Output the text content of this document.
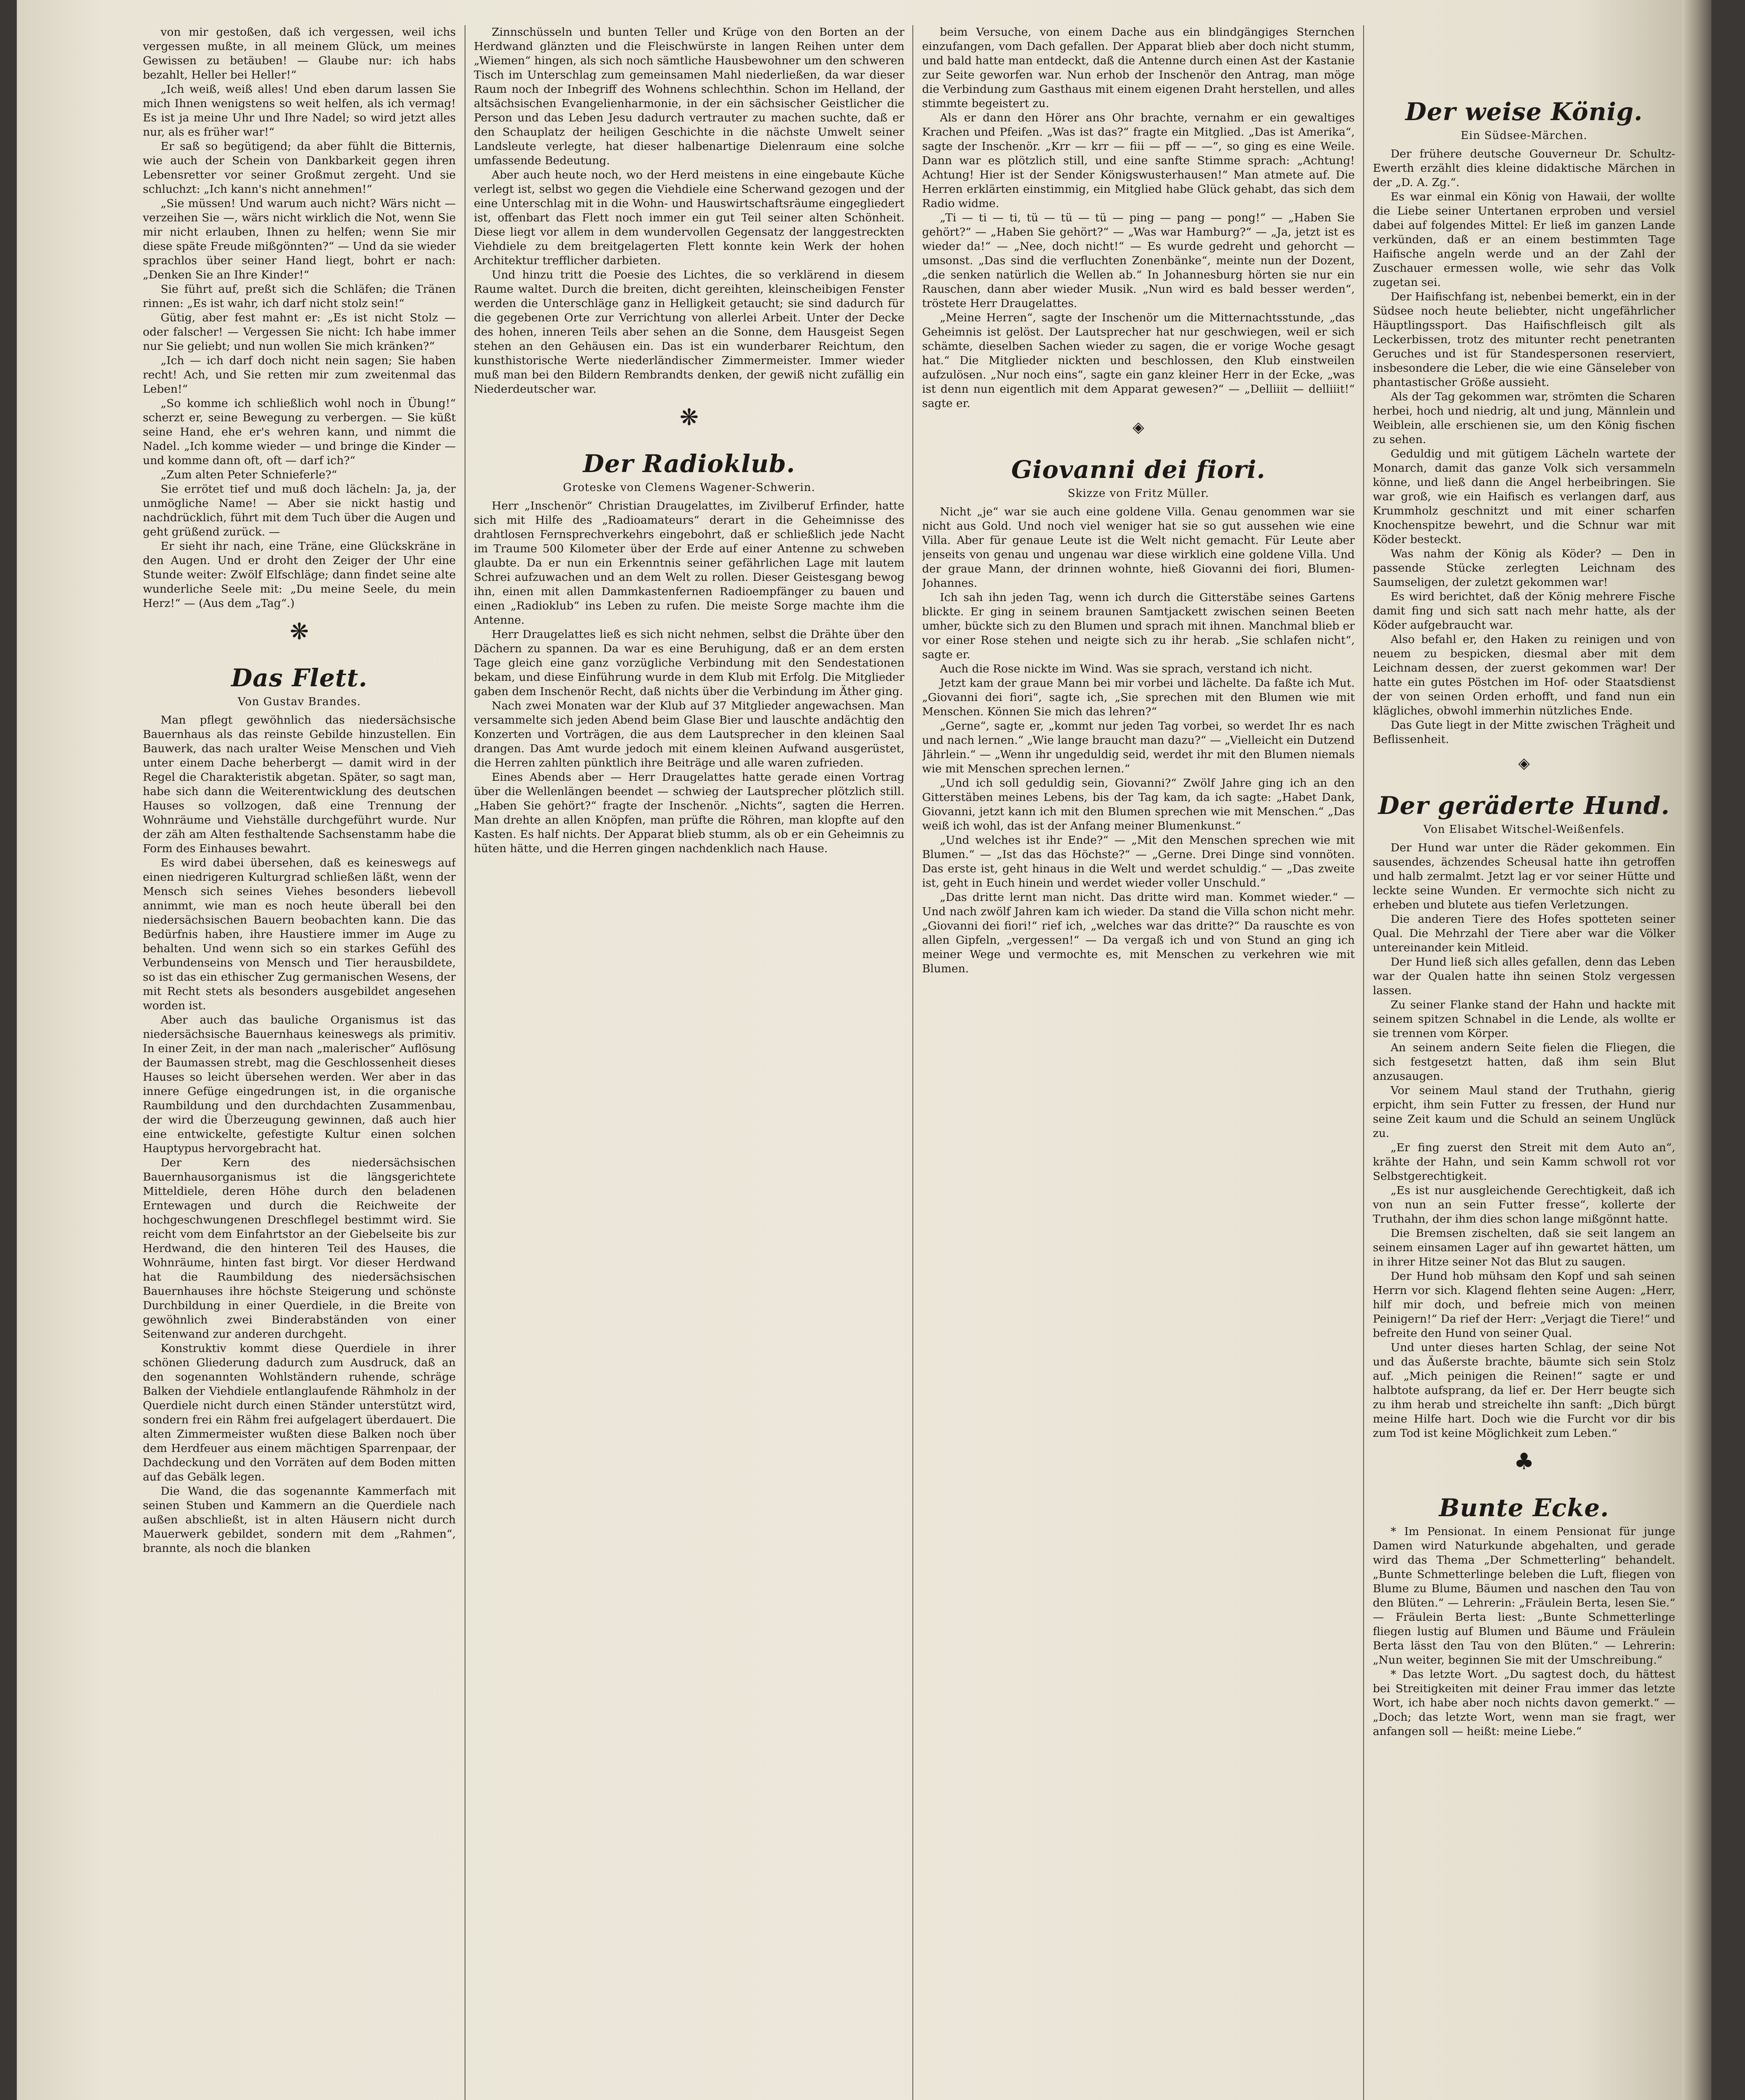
von mir gestoßen, daß ich vergessen, weil ichs vergessen mußte, in all meinem Glück, um meines Gewissen zu betäuben! — Glaube nur: ich habs bezahlt, Heller bei Heller!“

„Ich weiß, weiß alles! Und eben darum lassen Sie mich Ihnen wenigstens so weit helfen, als ich vermag! Es ist ja meine Uhr und Ihre Nadel; so wird jetzt alles nur, als es früher war!“

Er saß so begütigend; da aber fühlt die Bitternis, wie auch der Schein von Dankbarkeit gegen ihren Lebensretter vor seiner Großmut zergeht. Und sie schluchzt: „Ich kann's nicht annehmen!“

„Sie müssen! Und warum auch nicht? Wärs nicht — verzeihen Sie —, wärs nicht wirklich die Not, wenn Sie mir nicht erlauben, Ihnen zu helfen; wenn Sie mir diese späte Freude mißgönnten?“ — Und da sie wieder sprachlos über seiner Hand liegt, bohrt er nach: „Denken Sie an Ihre Kinder!“

Sie führt auf, preßt sich die Schläfen; die Tränen rinnen: „Es ist wahr, ich darf nicht stolz sein!“

Gütig, aber fest mahnt er: „Es ist nicht Stolz — oder falscher! — Vergessen Sie nicht: Ich habe immer nur Sie geliebt; und nun wollen Sie mich kränken?“

„Ich — ich darf doch nicht nein sagen; Sie haben recht! Ach, und Sie retten mir zum zweitenmal das Leben!“

„So komme ich schließlich wohl noch in Übung!“ scherzt er, seine Bewegung zu verbergen. — Sie küßt seine Hand, ehe er's wehren kann, und nimmt die Nadel. „Ich komme wieder — und bringe die Kinder — und komme dann oft, oft — darf ich?“

„Zum alten Peter Schnieferle?“

Sie errötet tief und muß doch lächeln: Ja, ja, der unmögliche Name! — Aber sie nickt hastig und nachdrücklich, führt mit dem Tuch über die Augen und geht grüßend zurück. —

Er sieht ihr nach, eine Träne, eine Glückskräne in den Augen. Und er droht den Zeiger der Uhr eine Stunde weiter: Zwölf Elfschläge; dann findet seine alte wunderliche Seele mit: „Du meine Seele, du mein Herz!“ — (Aus dem „Tag“.)

❋
Das Flett.
Von Gustav Brandes.

Man pflegt gewöhnlich das niedersächsische Bauernhaus als das reinste Gebilde hinzustellen. Ein Bauwerk, das nach uralter Weise Menschen und Vieh unter einem Dache beherbergt — damit wird in der Regel die Charakteristik abgetan. Später, so sagt man, habe sich dann die Weiterentwicklung des deutschen Hauses so vollzogen, daß eine Trennung der Wohnräume und Viehställe durchgeführt wurde. Nur der zäh am Alten festhaltende Sachsenstamm habe die Form des Einhauses bewahrt.

Es wird dabei übersehen, daß es keineswegs auf einen niedrigeren Kulturgrad schließen läßt, wenn der Mensch sich seines Viehes besonders liebevoll annimmt, wie man es noch heute überall bei den niedersächsischen Bauern beobachten kann. Die das Bedürfnis haben, ihre Haustiere immer im Auge zu behalten. Und wenn sich so ein starkes Gefühl des Verbundenseins von Mensch und Tier herausbildete, so ist das ein ethischer Zug germanischen Wesens, der mit Recht stets als besonders ausgebildet angesehen worden ist.

Aber auch das bauliche Organismus ist das niedersächsische Bauernhaus keineswegs als primitiv. In einer Zeit, in der man nach „malerischer“ Auflösung der Baumassen strebt, mag die Geschlossenheit dieses Hauses so leicht übersehen werden. Wer aber in das innere Gefüge eingedrungen ist, in die organische Raumbildung und den durchdachten Zusammenbau, der wird die Überzeugung gewinnen, daß auch hier eine entwickelte, gefestigte Kultur einen solchen Hauptypus hervorgebracht hat.

Der Kern des niedersächsischen Bauernhausorganismus ist die längsgerichtete Mitteldiele, deren Höhe durch den beladenen Erntewagen und durch die Reichweite der hochgeschwungenen Dreschflegel bestimmt wird. Sie reicht vom dem Einfahrtstor an der Giebelseite bis zur Herdwand, die den hinteren Teil des Hauses, die Wohnräume, hinten fast birgt. Vor dieser Herdwand hat die Raumbildung des niedersächsischen Bauernhauses ihre höchste Steigerung und schönste Durchbildung in einer Querdiele, in die Breite von gewöhnlich zwei Binderabständen von einer Seitenwand zur anderen durchgeht.

Konstruktiv kommt diese Querdiele in ihrer schönen Gliederung dadurch zum Ausdruck, daß an den sogenannten Wohlständern ruhende, schräge Balken der Viehdiele entlanglaufende Rähmholz in der Querdiele nicht durch einen Ständer unterstützt wird, sondern frei ein Rähm frei aufgelagert überdauert. Die alten Zimmermeister wußten diese Balken noch über dem Herdfeuer aus einem mächtigen Sparrenpaar, der Dachdeckung und den Vorräten auf dem Boden mitten auf das Gebälk legen.

Die Wand, die das sogenannte Kammerfach mit seinen Stuben und Kammern an die Querdiele nach außen abschließt, ist in alten Häusern nicht durch Mauerwerk gebildet, sondern mit dem „Rahmen“, brannte, als noch die blanken

Zinnschüsseln und bunten Teller und Krüge von den Borten an der Herdwand glänzten und die Fleischwürste in langen Reihen unter dem „Wiemen“ hingen, als sich noch sämtliche Hausbewohner um den schweren Tisch im Unterschlag zum gemeinsamen Mahl niederließen, da war dieser Raum noch der Inbegriff des Wohnens schlechthin. Schon im Helland, der altsächsischen Evangelienharmonie, in der ein sächsischer Geistlicher die Person und das Leben Jesu dadurch vertrauter zu machen suchte, daß er den Schauplatz der heiligen Geschichte in die nächste Umwelt seiner Landsleute verlegte, hat dieser halbenartige Dielenraum eine solche umfassende Bedeutung.

Aber auch heute noch, wo der Herd meistens in eine eingebaute Küche verlegt ist, selbst wo gegen die Viehdiele eine Scherwand gezogen und der eine Unterschlag mit in die Wohn- und Hauswirtschaftsräume eingegliedert ist, offenbart das Flett noch immer ein gut Teil seiner alten Schönheit. Diese liegt vor allem in dem wundervollen Gegensatz der langgestreckten Viehdiele zu dem breitgelagerten Flett konnte kein Werk der hohen Architektur trefflicher darbieten.

Und hinzu tritt die Poesie des Lichtes, die so verklärend in diesem Raume waltet. Durch die breiten, dicht gereihten, kleinscheibigen Fenster werden die Unterschläge ganz in Helligkeit getaucht; sie sind dadurch für die gegebenen Orte zur Verrichtung von allerlei Arbeit. Unter der Decke des hohen, inneren Teils aber sehen an die Sonne, dem Hausgeist Segen stehen an den Gehäusen ein. Das ist ein wunderbarer Reichtum, den kunsthistorische Werte niederländischer Zimmermeister. Immer wieder muß man bei den Bildern Rembrandts denken, der gewiß nicht zufällig ein Niederdeutscher war.

❋
Der Radioklub.
Groteske von Clemens Wagener-Schwerin.

Herr „Inschenör“ Christian Draugelattes, im Zivilberuf Erfinder, hatte sich mit Hilfe des „Radioamateurs“ derart in die Geheimnisse des drahtlosen Fernsprechverkehrs eingebohrt, daß er schließlich jede Nacht im Traume 500 Kilometer über der Erde auf einer Antenne zu schweben glaubte. Da er nun ein Erkenntnis seiner gefährlichen Lage mit lautem Schrei aufzuwachen und an dem Welt zu rollen. Dieser Geistesgang bewog ihn, einen mit allen Dammkastenfernen Radioempfänger zu bauen und einen „Radioklub“ ins Leben zu rufen. Die meiste Sorge machte ihm die Antenne.

Herr Draugelattes ließ es sich nicht nehmen, selbst die Drähte über den Dächern zu spannen. Da war es eine Beruhigung, daß er an dem ersten Tage gleich eine ganz vorzügliche Verbindung mit den Sendestationen bekam, und diese Einführung wurde in dem Klub mit Erfolg. Die Mitglieder gaben dem Inschenör Recht, daß nichts über die Verbindung im Äther ging.

Nach zwei Monaten war der Klub auf 37 Mitglieder angewachsen. Man versammelte sich jeden Abend beim Glase Bier und lauschte andächtig den Konzerten und Vorträgen, die aus dem Lautsprecher in den kleinen Saal drangen. Das Amt wurde jedoch mit einem kleinen Aufwand ausgerüstet, die Herren zahlten pünktlich ihre Beiträge und alle waren zufrieden.

Eines Abends aber — Herr Draugelattes hatte gerade einen Vortrag über die Wellenlängen beendet — schwieg der Lautsprecher plötzlich still. „Haben Sie gehört?“ fragte der Inschenör. „Nichts“, sagten die Herren. Man drehte an allen Knöpfen, man prüfte die Röhren, man klopfte auf den Kasten. Es half nichts. Der Apparat blieb stumm, als ob er ein Geheimnis zu hüten hätte, und die Herren gingen nachdenklich nach Hause.

beim Versuche, von einem Dache aus ein blindgängiges Sternchen einzufangen, vom Dach gefallen. Der Apparat blieb aber doch nicht stumm, und bald hatte man entdeckt, daß die Antenne durch einen Ast der Kastanie zur Seite geworfen war. Nun erhob der Inschenör den Antrag, man möge die Verbindung zum Gasthaus mit einem eigenen Draht herstellen, und alles stimmte begeistert zu.

Als er dann den Hörer ans Ohr brachte, vernahm er ein gewaltiges Krachen und Pfeifen. „Was ist das?“ fragte ein Mitglied. „Das ist Amerika“, sagte der Inschenör. „Krr — krr — fiii — pff — —“, so ging es eine Weile. Dann war es plötzlich still, und eine sanfte Stimme sprach: „Achtung! Achtung! Hier ist der Sender Königswusterhausen!“ Man atmete auf. Die Herren erklärten einstimmig, ein Mitglied habe Glück gehabt, das sich dem Radio widme.

„Ti — ti — ti, tü — tü — tü — ping — pang — pong!“ — „Haben Sie gehört?“ — „Haben Sie gehört?“ — „Was war Hamburg?“ — „Ja, jetzt ist es wieder da!“ — „Nee, doch nicht!“ — Es wurde gedreht und gehorcht — umsonst. „Das sind die verfluchten Zonenbänke“, meinte nun der Dozent, „die senken natürlich die Wellen ab.“ In Johannesburg hörten sie nur ein Rauschen, dann aber wieder Musik. „Nun wird es bald besser werden“, tröstete Herr Draugelattes.

„Meine Herren“, sagte der Inschenör um die Mitternachtsstunde, „das Geheimnis ist gelöst. Der Lautsprecher hat nur geschwiegen, weil er sich schämte, dieselben Sachen wieder zu sagen, die er vorige Woche gesagt hat.“ Die Mitglieder nickten und beschlossen, den Klub einstweilen aufzulösen. „Nur noch eins“, sagte ein ganz kleiner Herr in der Ecke, „was ist denn nun eigentlich mit dem Apparat gewesen?“ — „Delliiit — delliiit!“ sagte er.

◈
Giovanni dei fiori.
Skizze von Fritz Müller.

Nicht „je“ war sie auch eine goldene Villa. Genau genommen war sie nicht aus Gold. Und noch viel weniger hat sie so gut aussehen wie eine Villa. Aber für genaue Leute ist die Welt nicht gemacht. Für Leute aber jenseits von genau und ungenau war diese wirklich eine goldene Villa. Und der graue Mann, der drinnen wohnte, hieß Giovanni dei fiori, Blumen-Johannes.

Ich sah ihn jeden Tag, wenn ich durch die Gitterstäbe seines Gartens blickte. Er ging in seinem braunen Samtjackett zwischen seinen Beeten umher, bückte sich zu den Blumen und sprach mit ihnen. Manchmal blieb er vor einer Rose stehen und neigte sich zu ihr herab. „Sie schlafen nicht“, sagte er.

Auch die Rose nickte im Wind. Was sie sprach, verstand ich nicht.

Jetzt kam der graue Mann bei mir vorbei und lächelte. Da faßte ich Mut. „Giovanni dei fiori“, sagte ich, „Sie sprechen mit den Blumen wie mit Menschen. Können Sie mich das lehren?“

„Gerne“, sagte er, „kommt nur jeden Tag vorbei, so werdet Ihr es nach und nach lernen.“ „Wie lange braucht man dazu?“ — „Vielleicht ein Dutzend Jährlein.“ — „Wenn ihr ungeduldig seid, werdet ihr mit den Blumen niemals wie mit Menschen sprechen lernen.“

„Und ich soll geduldig sein, Giovanni?“ Zwölf Jahre ging ich an den Gitterstäben meines Lebens, bis der Tag kam, da ich sagte: „Habet Dank, Giovanni, jetzt kann ich mit den Blumen sprechen wie mit Menschen.“ „Das weiß ich wohl, das ist der Anfang meiner Blumenkunst.“

„Und welches ist ihr Ende?“ — „Mit den Menschen sprechen wie mit Blumen.“ — „Ist das das Höchste?“ — „Gerne. Drei Dinge sind vonnöten. Das erste ist, geht hinaus in die Welt und werdet schuldig.“ — „Das zweite ist, geht in Euch hinein und werdet wieder voller Unschuld.“

„Das dritte lernt man nicht. Das dritte wird man. Kommet wieder.“ — Und nach zwölf Jahren kam ich wieder. Da stand die Villa schon nicht mehr. „Giovanni dei fiori!“ rief ich, „welches war das dritte?“ Da rauschte es von allen Gipfeln, „vergessen!“ — Da vergaß ich und von Stund an ging ich meiner Wege und vermochte es, mit Menschen zu verkehren wie mit Blumen.

Der weise König.
Ein Südsee-Märchen.

Der frühere deutsche Gouverneur Dr. Schultz-Ewerth erzählt dies kleine didaktische Märchen in der „D. A. Zg.“.

Es war einmal ein König von Hawaii, der wollte die Liebe seiner Untertanen erproben und versiel dabei auf folgendes Mittel: Er ließ im ganzen Lande verkünden, daß er an einem bestimmten Tage Haifische angeln werde und an der Zahl der Zuschauer ermessen wolle, wie sehr das Volk zugetan sei.

Der Haifischfang ist, nebenbei bemerkt, ein in der Südsee noch heute beliebter, nicht ungefährlicher Häuptlingssport. Das Haifischfleisch gilt als Leckerbissen, trotz des mitunter recht penetranten Geruches und ist für Standespersonen reserviert, insbesondere die Leber, die wie eine Gänseleber von phantastischer Größe aussieht.

Als der Tag gekommen war, strömten die Scharen herbei, hoch und niedrig, alt und jung, Männlein und Weiblein, alle erschienen sie, um den König fischen zu sehen.

Geduldig und mit gütigem Lächeln wartete der Monarch, damit das ganze Volk sich versammeln könne, und ließ dann die Angel herbeibringen. Sie war groß, wie ein Haifisch es verlangen darf, aus Krummholz geschnitzt und mit einer scharfen Knochenspitze bewehrt, und die Schnur war mit Köder besteckt.

Was nahm der König als Köder? — Den in passende Stücke zerlegten Leichnam des Saumseligen, der zuletzt gekommen war!

Es wird berichtet, daß der König mehrere Fische damit fing und sich satt nach mehr hatte, als der Köder aufgebraucht war.

Also befahl er, den Haken zu reinigen und von neuem zu bespicken, diesmal aber mit dem Leichnam dessen, der zuerst gekommen war! Der hatte ein gutes Pöstchen im Hof- oder Staatsdienst der von seinen Orden erhofft, und fand nun ein klägliches, obwohl immerhin nützliches Ende.

Das Gute liegt in der Mitte zwischen Trägheit und Beflissenheit.

◈
Der geräderte Hund.
Von Elisabet Witschel-Weißenfels.

Der Hund war unter die Räder gekommen. Ein sausendes, ächzendes Scheusal hatte ihn getroffen und halb zermalmt. Jetzt lag er vor seiner Hütte und leckte seine Wunden. Er vermochte sich nicht zu erheben und blutete aus tiefen Verletzungen.

Die anderen Tiere des Hofes spotteten seiner Qual. Die Mehrzahl der Tiere aber war die Völker untereinander kein Mitleid.

Der Hund ließ sich alles gefallen, denn das Leben war der Qualen hatte ihn seinen Stolz vergessen lassen.

Zu seiner Flanke stand der Hahn und hackte mit seinem spitzen Schnabel in die Lende, als wollte er sie trennen vom Körper.

An seinem andern Seite fielen die Fliegen, die sich festgesetzt hatten, daß ihm sein Blut anzusaugen.

Vor seinem Maul stand der Truthahn, gierig erpicht, ihm sein Futter zu fressen, der Hund nur seine Zeit kaum und die Schuld an seinem Unglück zu.

„Er fing zuerst den Streit mit dem Auto an“, krähte der Hahn, und sein Kamm schwoll rot vor Selbstgerechtigkeit.

„Es ist nur ausgleichende Gerechtigkeit, daß ich von nun an sein Futter fresse“, kollerte der Truthahn, der ihm dies schon lange mißgönnt hatte.

Die Bremsen zischelten, daß sie seit langem an seinem einsamen Lager auf ihn gewartet hätten, um in ihrer Hitze seiner Not das Blut zu saugen.

Der Hund hob mühsam den Kopf und sah seinen Herrn vor sich. Klagend flehten seine Augen: „Herr, hilf mir doch, und befreie mich von meinen Peinigern!“ Da rief der Herr: „Verjagt die Tiere!“ und befreite den Hund von seiner Qual.

Und unter dieses harten Schlag, der seine Not und das Äußerste brachte, bäumte sich sein Stolz auf. „Mich peinigen die Reinen!“ sagte er und halbtote aufsprang, da lief er. Der Herr beugte sich zu ihm herab und streichelte ihn sanft: „Dich bürgt meine Hilfe hart. Doch wie die Furcht vor dir bis zum Tod ist keine Möglichkeit zum Leben.“

♣
Bunte Ecke.

* Im Pensionat. In einem Pensionat für junge Damen wird Naturkunde abgehalten, und gerade wird das Thema „Der Schmetterling“ behandelt. „Bunte Schmetterlinge beleben die Luft, fliegen von Blume zu Blume, Bäumen und naschen den Tau von den Blüten.“ — Lehrerin: „Fräulein Berta, lesen Sie.“ — Fräulein Berta liest: „Bunte Schmetterlinge fliegen lustig auf Blumen und Bäume und Fräulein Berta lässt den Tau von den Blüten.“ — Lehrerin: „Nun weiter, beginnen Sie mit der Umschreibung.“

* Das letzte Wort. „Du sagtest doch, du hättest bei Streitigkeiten mit deiner Frau immer das letzte Wort, ich habe aber noch nichts davon gemerkt.“ — „Doch; das letzte Wort, wenn man sie fragt, wer anfangen soll — heißt: meine Liebe.“
